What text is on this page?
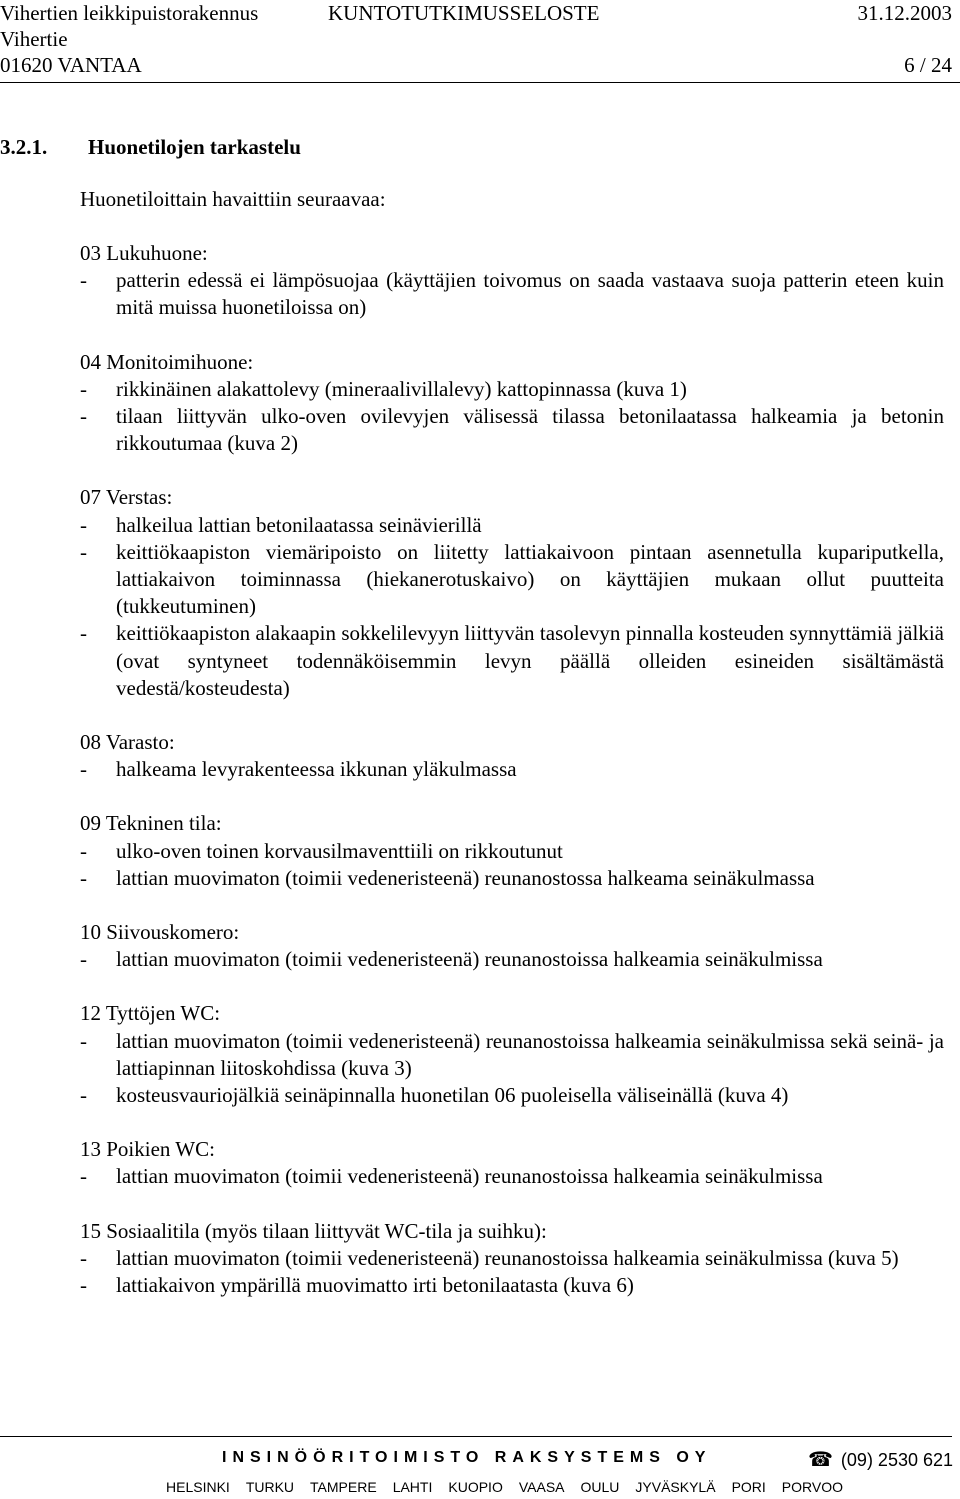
Vihertien leikkipuistorakennus	KUNTOTUTKIMUSSELOSTE	31.12.2003
Vihertie
01620 VANTAA	6 / 24
3.2.1. Huonetilojen tarkastelu
Huonetiloittain havaittiin seuraavaa:
03 Lukuhuone:
- patterin edessä ei lämpösuojaa (käyttäjien toivomus on saada vastaava suoja patterin eteen kuin mitä muissa huonetiloissa on)
04 Monitoimihuone:
- rikkinäinen alakattolevy (mineraalivillalevy) kattopinnassa (kuva 1)
- tilaan liittyvän ulko-oven ovilevyjen välisessä tilassa betonilaatassa halkeamia ja betonin rikkoutumaa (kuva 2)
07 Verstas:
- halkeilua lattian betonilaatassa seinävierillä
- keittiökaapiston viemäripoisto on liitetty lattiakaivoon pintaan asennetulla kupariputkella, lattiakaivon toiminnassa (hiekanerotuskaivo) on käyttäjien mukaan ollut puutteita (tukkeutuminen)
- keittiökaapiston alakaapin sokkelilevyyn liittyvän tasolevyn pinnalla kosteuden synnyttämiä jälkiä (ovat syntyneet todennäköisemmin levyn päällä olleiden esineiden sisältämästä vedestä/kosteudesta)
08 Varasto:
- halkeama levyrakenteessa ikkunan yläkulmassa
09 Tekninen tila:
- ulko-oven toinen korvausilmaventtiili on rikkoutunut
- lattian muovimaton (toimii vedeneristeenä) reunanostossa halkeama seinäkulmassa
10 Siivouskomero:
- lattian muovimaton (toimii vedeneristeenä) reunanostoissa halkeamia seinäkulmissa
12 Tyttöjen WC:
- lattian muovimaton (toimii vedeneristeenä) reunanostoissa halkeamia seinäkulmissa sekä seinä- ja lattiapinnan liitoskohdissa (kuva 3)
- kosteusvauriojälkiä seinäpinnalla huonetilan 06 puoleisella väliseinällä (kuva 4)
13 Poikien WC:
- lattian muovimaton (toimii vedeneristeenä) reunanostoissa halkeamia seinäkulmissa
15 Sosiaalitila (myös tilaan liittyvät WC-tila ja suihku):
- lattian muovimaton (toimii vedeneristeenä) reunanostoissa halkeamia seinäkulmissa (kuva 5)
- lattiakaivon ympärillä muovimatto irti betonilaatasta (kuva 6)
INSINÖÖRITOIMISTO RAKSYSTEMS OY	☎ (09) 2530 621
HELSINKI TURKU TAMPERE LAHTI KUOPIO VAASA OULU JYVÄSKYLÄ PORI PORVOO
